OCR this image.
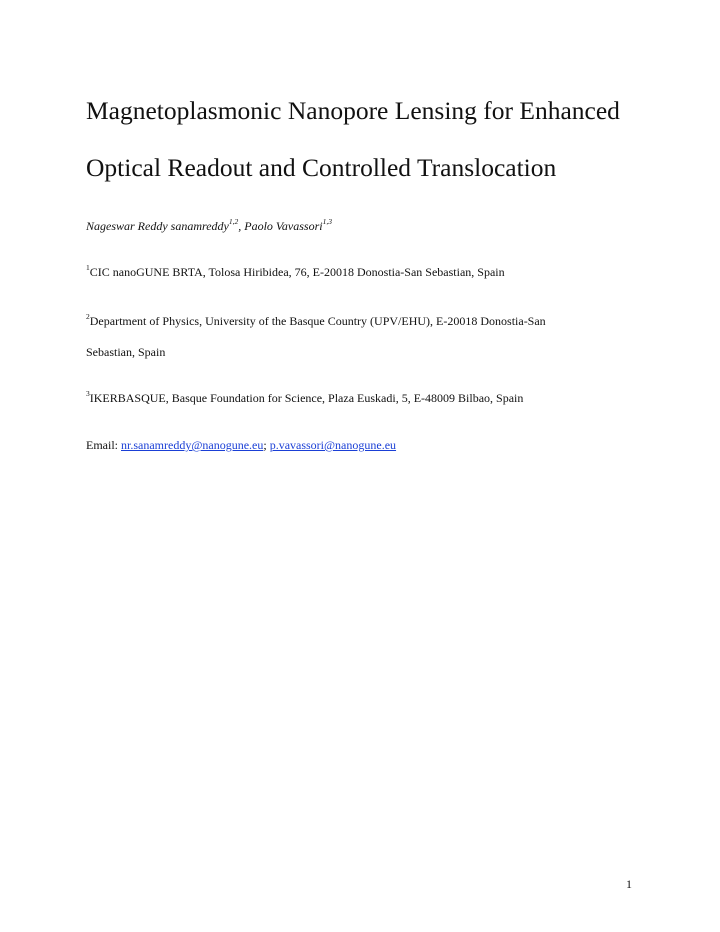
Magnetoplasmonic Nanopore Lensing for Enhanced
Optical Readout and Controlled Translocation
Nageswar Reddy sanamreddy$^{1,2}$, Paolo Vavassori$^{1,3}$
$^1$CIC nanoGUNE BRTA, Tolosa Hiribidea, 76, E-20018 Donostia-San Sebastian, Spain
$^2$Department of Physics, University of the Basque Country (UPV/EHU), E-20018 Donostia-San
Sebastian, Spain
$^3$IKERBASQUE, Basque Foundation for Science, Plaza Euskadi, 5, E-48009 Bilbao, Spain
Email: nr.sanamreddy@nanogune.eu; p.vavassori@nanogune.eu
1
